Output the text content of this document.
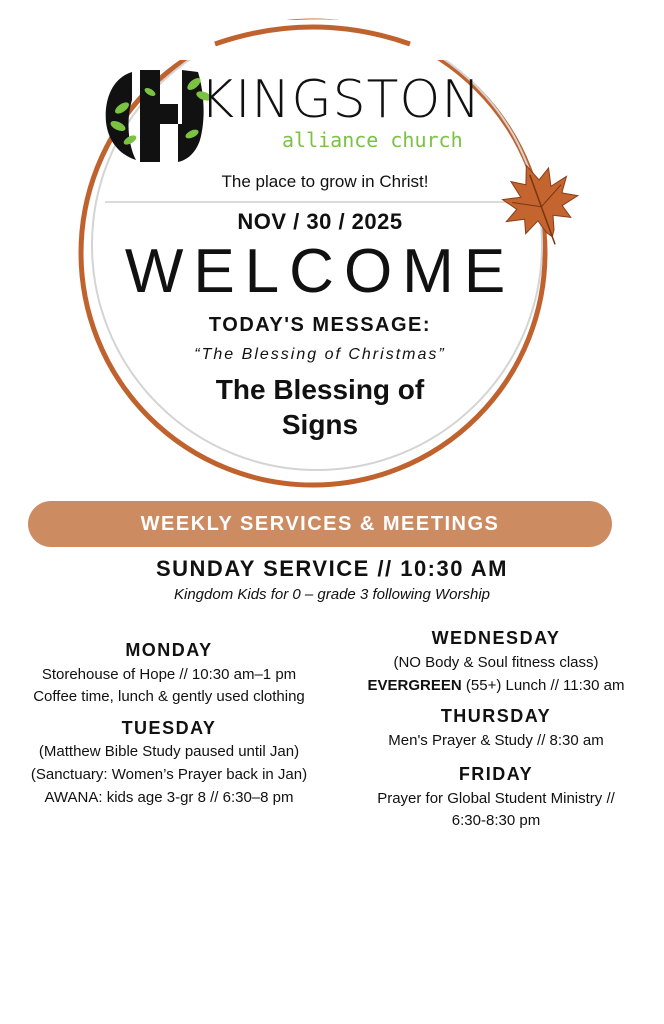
KINGSTON
alliance church
The place to grow in Christ!
NOV / 30 / 2025
WELCOME
TODAY'S MESSAGE:
“The Blessing of Christmas”
The Blessing of
Signs
WEEKLY SERVICES & MEETINGS
SUNDAY SERVICE // 10:30 AM
Kingdom Kids for 0 – grade 3 following Worship
MONDAY
Storehouse of Hope // 10:30 am–1 pm
Coffee time, lunch & gently used clothing
TUESDAY
(Matthew Bible Study paused until Jan)
(Sanctuary: Women’s Prayer back in Jan)
AWANA: kids age 3-gr 8 // 6:30–8 pm
WEDNESDAY
(NO Body & Soul fitness class)
EVERGREEN (55+) Lunch // 11:30 am
THURSDAY
Men's Prayer & Study // 8:30 am
FRIDAY
Prayer for Global Student Ministry //
6:30-8:30 pm
